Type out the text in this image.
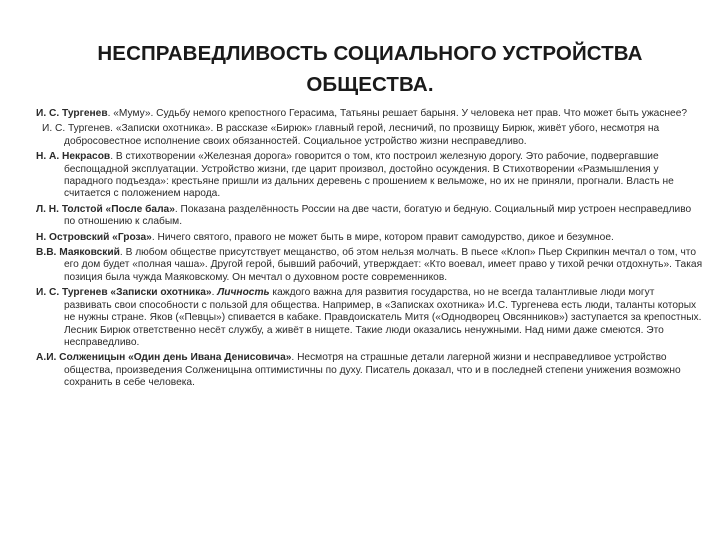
НЕСПРАВЕДЛИВОСТЬ СОЦИАЛЬНОГО УСТРОЙСТВА
ОБЩЕСТВА.

И. С. Тургенев. «Муму». Судьбу немого крепостного Герасима, Татьяны решает барыня. У человека нет прав. Что может быть ужаснее?

И. С. Тургенев. «Записки охотника». В рассказе «Бирюк» главный герой, лесничий, по прозвищу Бирюк, живёт убого, несмотря на добросовестное исполнение своих обязанностей. Социальное устройство жизни несправедливо.

Н. А. Некрасов. В стихотворении «Железная дорога» говорится о том, кто построил железную дорогу. Это рабочие, подвергавшие беспощадной эксплуатации. Устройство жизни, где царит произвол, достойно осуждения. В Стихотворении «Размышления у парадного подъезда»: крестьяне пришли из дальних деревень с прошением к вельможе, но их не приняли, прогнали. Власть не считается с положением народа.

Л. Н. Толстой «После бала». Показана разделённость России на две части, богатую и бедную. Социальный мир устроен несправедливо по отношению к слабым.

Н. Островский «Гроза». Ничего святого, правого не может быть в мире, котором правит самодурство, дикое и безумное.

В.В. Маяковский. В любом обществе присутствует мещанство, об этом нельзя молчать. В пьесе «Клоп» Пьер Скрипкин мечтал о том, что его дом будет «полная чаша». Другой герой, бывший рабочий, утверждает: «Кто воевал, имеет право у тихой речки отдохнуть». Такая позиция была чужда Маяковскому. Он мечтал о духовном росте современников.

И. С. Тургенев «Записки охотника». Личность каждого важна для развития государства, но не всегда талантливые люди могут развивать свои способности с пользой для общества. Например, в «Записках охотника» И.С. Тургенева есть люди, таланты которых не нужны стране. Яков («Певцы») спивается в кабаке. Правдоискатель Митя («Однодворец Овсянников») заступается за крепостных. Лесник Бирюк ответственно несёт службу, а живёт в нищете. Такие люди оказались ненужными. Над ними даже смеются. Это несправедливо.

А.И. Солженицын «Один день Ивана Денисовича». Несмотря на страшные детали лагерной жизни и несправедливое устройство общества, произведения Солженицына оптимистичны по духу. Писатель доказал, что и в последней степени унижения возможно сохранить в себе человека.
